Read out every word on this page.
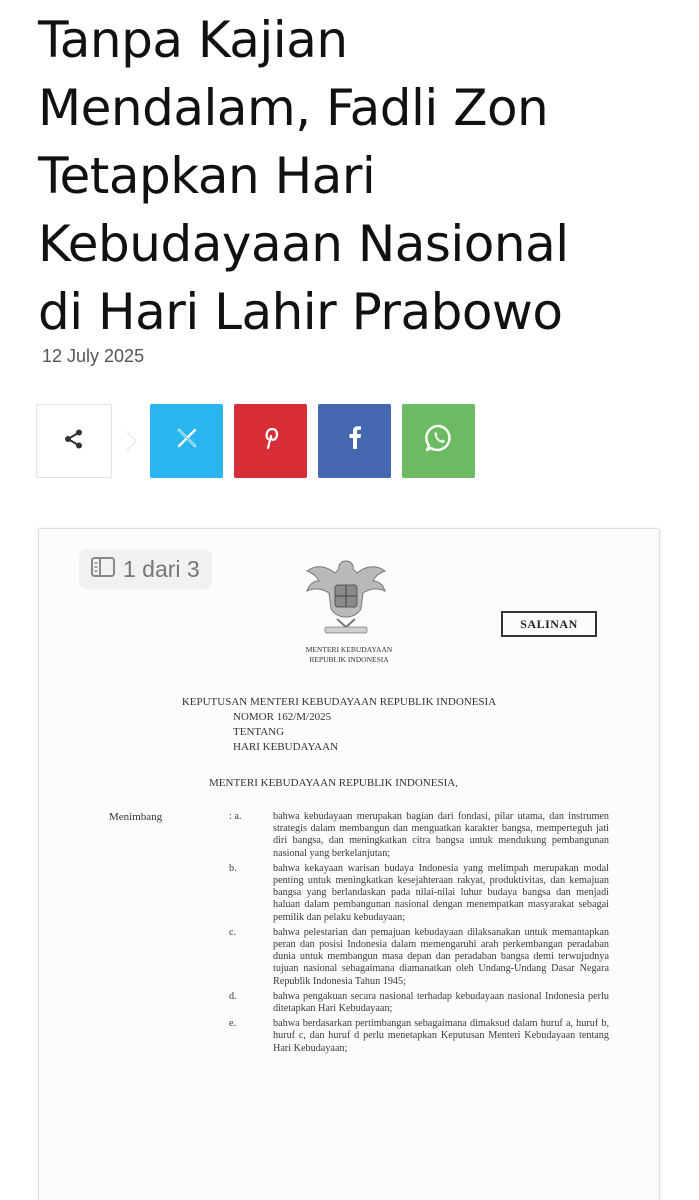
Tanpa Kajian
Mendalam, Fadli Zon
Tetapkan Hari
Kebudayaan Nasional
di Hari Lahir Prabowo
12 July 2025
1 dari 3
MENTERI KEBUDAYAAN
REPUBLIK INDONESIA
SALINAN
KEPUTUSAN MENTERI KEBUDAYAAN REPUBLIK INDONESIA
NOMOR 162/M/2025
TENTANG
HARI KEBUDAYAAN
MENTERI KEBUDAYAAN REPUBLIK INDONESIA,
Menimbang	: a.	bahwa kebudayaan merupakan bagian dari fondasi, pilar utama, dan instrumen strategis dalam membangun dan menguatkan karakter bangsa, memperteguh jati diri bangsa, dan meningkatkan citra bangsa untuk mendukung pembangunan nasional yang berkelanjutan;
b.	bahwa kekayaan warisan budaya Indonesia yang melimpah merupakan modal penting untuk meningkatkan kesejahteraan rakyat, produktivitas, dan kemajuan bangsa yang berlandaskan pada nilai-nilai luhur budaya bangsa dan menjadi haluan dalam pembangunan nasional dengan menempatkan masyarakat sebagai pemilik dan pelaku kebudayaan;
c.	bahwa pelestarian dan pemajuan kebudayaan dilaksanakan untuk memantapkan peran dan posisi Indonesia dalam memengaruhi arah perkembangan peradaban dunia untuk membangun masa depan dan peradaban bangsa demi terwujudnya tujuan nasional sebagaimana diamanatkan oleh Undang-Undang Dasar Negara Republik Indonesia Tahun 1945;
d.	bahwa pengakuan secara nasional terhadap kebudayaan nasional Indonesia perlu ditetapkan Hari Kebudayaan;
e.	bahwa berdasarkan pertimbangan sebagaimana dimaksud dalam huruf a, huruf b, huruf c, dan huruf d perlu menetapkan Keputusan Menteri Kebudayaan tentang Hari Kebudayaan;
